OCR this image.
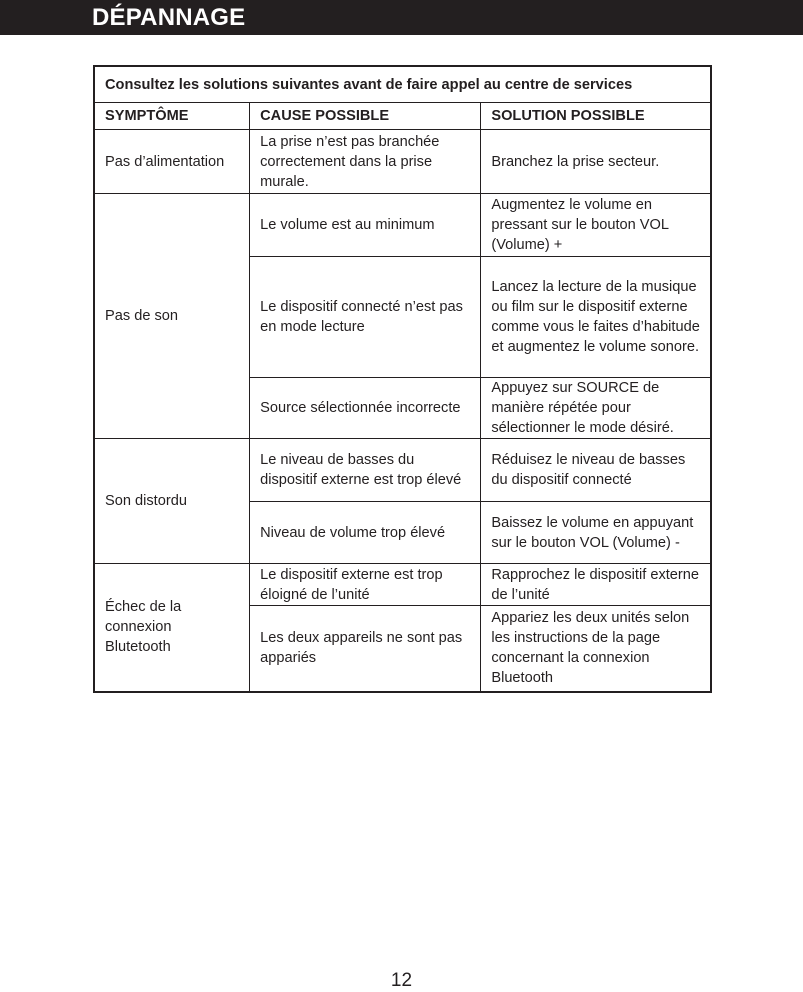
DÉPANNAGE
Consultez les solutions suivantes avant de faire appel au centre de services		
SYMPTÔME	CAUSE POSSIBLE	SOLUTION POSSIBLE
Pas d’alimentation	La prise n’est pas branchée correctement dans la prise murale.	Branchez la prise secteur.
Pas de son	Le volume est au minimum	Augmentez le volume en pressant sur le bouton VOL (Volume) +
	Le dispositif connecté n’est pas en mode lecture	Lancez la lecture de la musique ou film sur le dispositif externe comme vous le faites d’habitude et augmentez le volume sonore.
	Source sélectionnée incorrecte	Appuyez sur SOURCE de manière répétée pour sélectionner le mode désiré.
Son distordu	Le niveau de basses du dispositif externe est trop élevé	Réduisez le niveau de basses du dispositif connecté
	Niveau de volume trop élevé	Baissez le volume en appuyant sur le bouton VOL (Volume) -
Échec de la connexion Blutetooth	Le dispositif externe est trop éloigné de l’unité	Rapprochez le dispositif externe de l’unité
	Les deux appareils ne sont pas appariés	Appariez les deux unités selon les instructions de la page concernant la connexion Bluetooth
12
